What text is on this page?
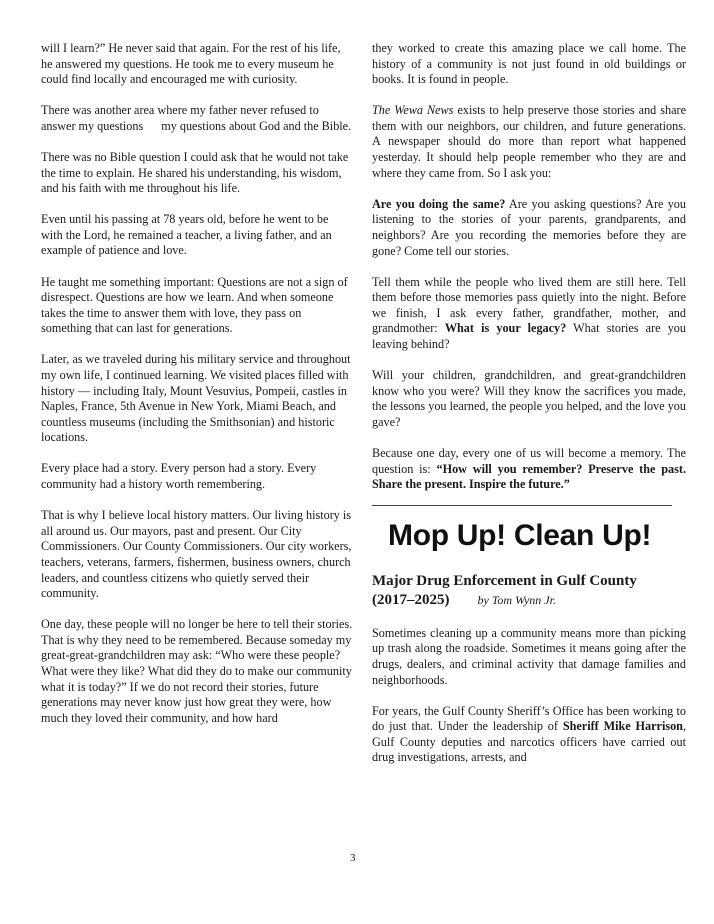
will I learn?” He never said that again. For the rest of his life, he answered my questions. He took me to every museum he could find locally and encouraged me with curiosity.

There was another area where my father never refused to answer my questions my questions about God and the Bible.

There was no Bible question I could ask that he would not take the time to explain. He shared his understanding, his wisdom, and his faith with me throughout his life.

Even until his passing at 78 years old, before he went to be with the Lord, he remained a teacher, a living father, and an example of patience and love.

He taught me something important: Questions are not a sign of disrespect. Questions are how we learn. And when someone takes the time to answer them with love, they pass on something that can last for generations.

Later, as we traveled during his military service and throughout my own life, I continued learning. We visited places filled with history — including Italy, Mount Vesuvius, Pompeii, castles in Naples, France, 5th Avenue in New York, Miami Beach, and countless museums (including the Smithsonian) and historic locations.

Every place had a story. Every person had a story. Every community had a history worth remembering.

That is why I believe local history matters. Our living history is all around us. Our mayors, past and present. Our City Commissioners. Our County Commissioners. Our city workers, teachers, veterans, farmers, fishermen, business owners, church leaders, and countless citizens who quietly served their community.

One day, these people will no longer be here to tell their stories. That is why they need to be remembered. Because someday my great-great-grandchildren may ask: “Who were these people? What were they like? What did they do to make our community what it is today?” If we do not record their stories, future generations may never know just how great they were, how much they loved their community, and how hard

they worked to create this amazing place we call home. The history of a community is not just found in old buildings or books. It is found in people.

The Wewa News exists to help preserve those stories and share them with our neighbors, our children, and future generations. A newspaper should do more than report what happened yesterday. It should help people remember who they are and where they came from. So I ask you:

Are you doing the same? Are you asking questions? Are you listening to the stories of your parents, grandparents, and neighbors? Are you recording the memories before they are gone? Come tell our stories.

Tell them while the people who lived them are still here. Tell them before those memories pass quietly into the night. Before we finish, I ask every father, grandfather, mother, and grandmother: What is your legacy? What stories are you leaving behind?

Will your children, grandchildren, and great-grandchildren know who you were? Will they know the sacrifices you made, the lessons you learned, the people you helped, and the love you gave?

Because one day, every one of us will become a memory. The question is: “How will you remember? Preserve the past. Share the present. Inspire the future.”

Mop Up! Clean Up!
Major Drug Enforcement in Gulf County
(2017–2025) by Tom Wynn Jr.

Sometimes cleaning up a community means more than picking up trash along the roadside. Sometimes it means going after the drugs, dealers, and criminal activity that damage families and neighborhoods.

For years, the Gulf County Sheriff’s Office has been working to do just that. Under the leadership of Sheriff Mike Harrison, Gulf County deputies and narcotics officers have carried out drug investigations, arrests, and

3
